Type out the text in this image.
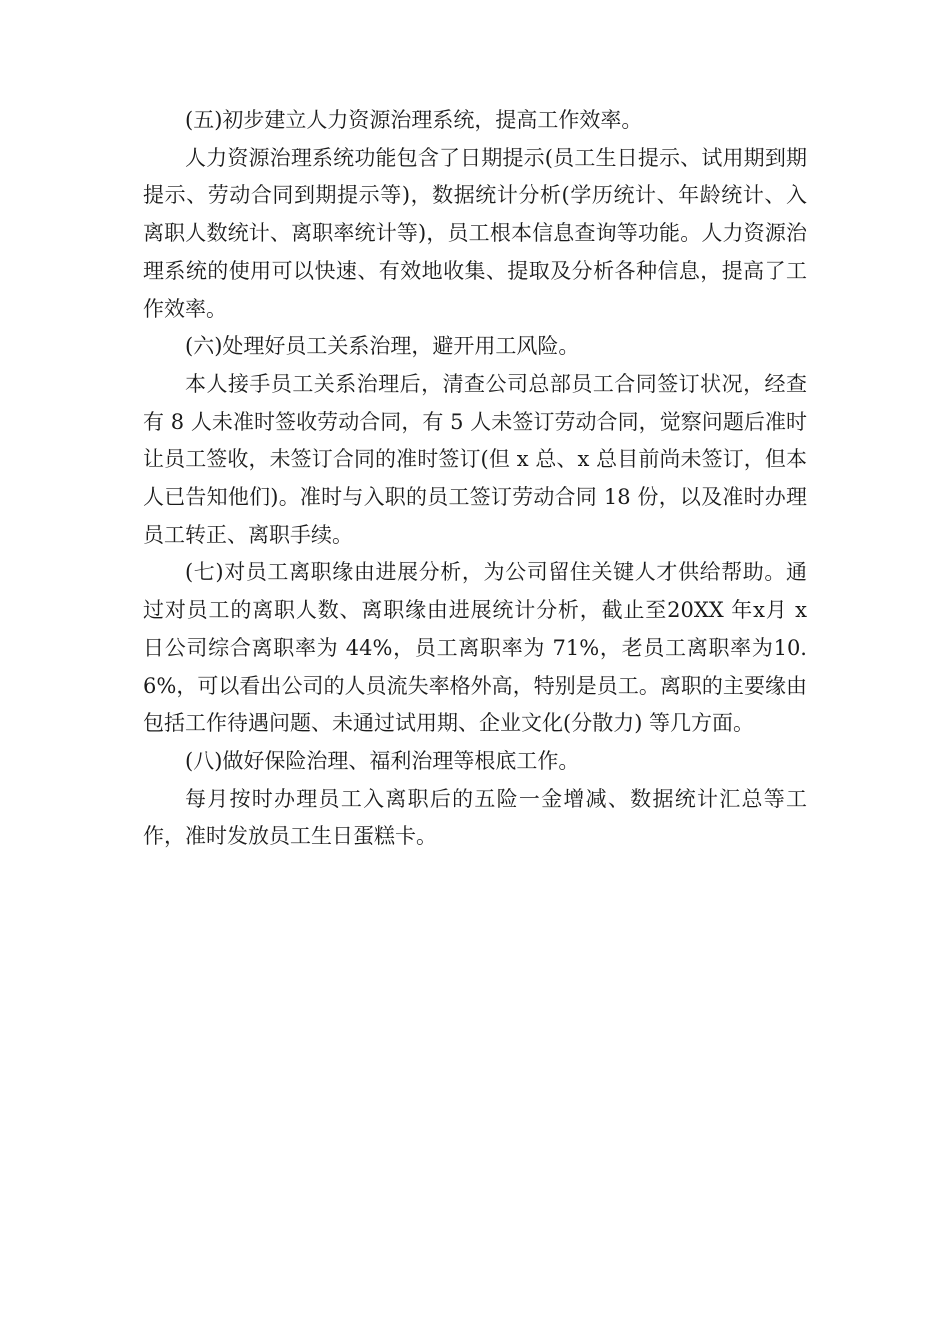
(五)初步建立人力资源治理系统，提高工作效率。

人力资源治理系统功能包含了日期提示(员工生日提示、试用期到期提示、劳动合同到期提示等)，数据统计分析(学历统计、年龄统计、入离职人数统计、离职率统计等)，员工根本信息查询等功能。人力资源治理系统的使用可以快速、有效地收集、提取及分析各种信息，提高了工作效率。

(六)处理好员工关系治理，避开用工风险。

本人接手员工关系治理后，清查公司总部员工合同签订状况，经查有 8 人未准时签收劳动合同，有 5 人未签订劳动合同，觉察问题后准时让员工签收，未签订合同的准时签订(但 x 总、x 总目前尚未签订，但本人已告知他们)。准时与入职的员工签订劳动合同 18 份，以及准时办理员工转正、离职手续。

(七)对员工离职缘由进展分析，为公司留住关键人才供给帮助。通过对员工的离职人数、离职缘由进展统计分析，截止至20XX 年x月 x 日公司综合离职率为 44%，员工离职率为 71%，老员工离职率为10.6%，可以看出公司的人员流失率格外高，特别是员工。离职的主要缘由包括工作待遇问题、未通过试用期、企业文化(分散力) 等几方面。

(八)做好保险治理、福利治理等根底工作。

每月按时办理员工入离职后的五险一金增减、数据统计汇总等工作，准时发放员工生日蛋糕卡。
